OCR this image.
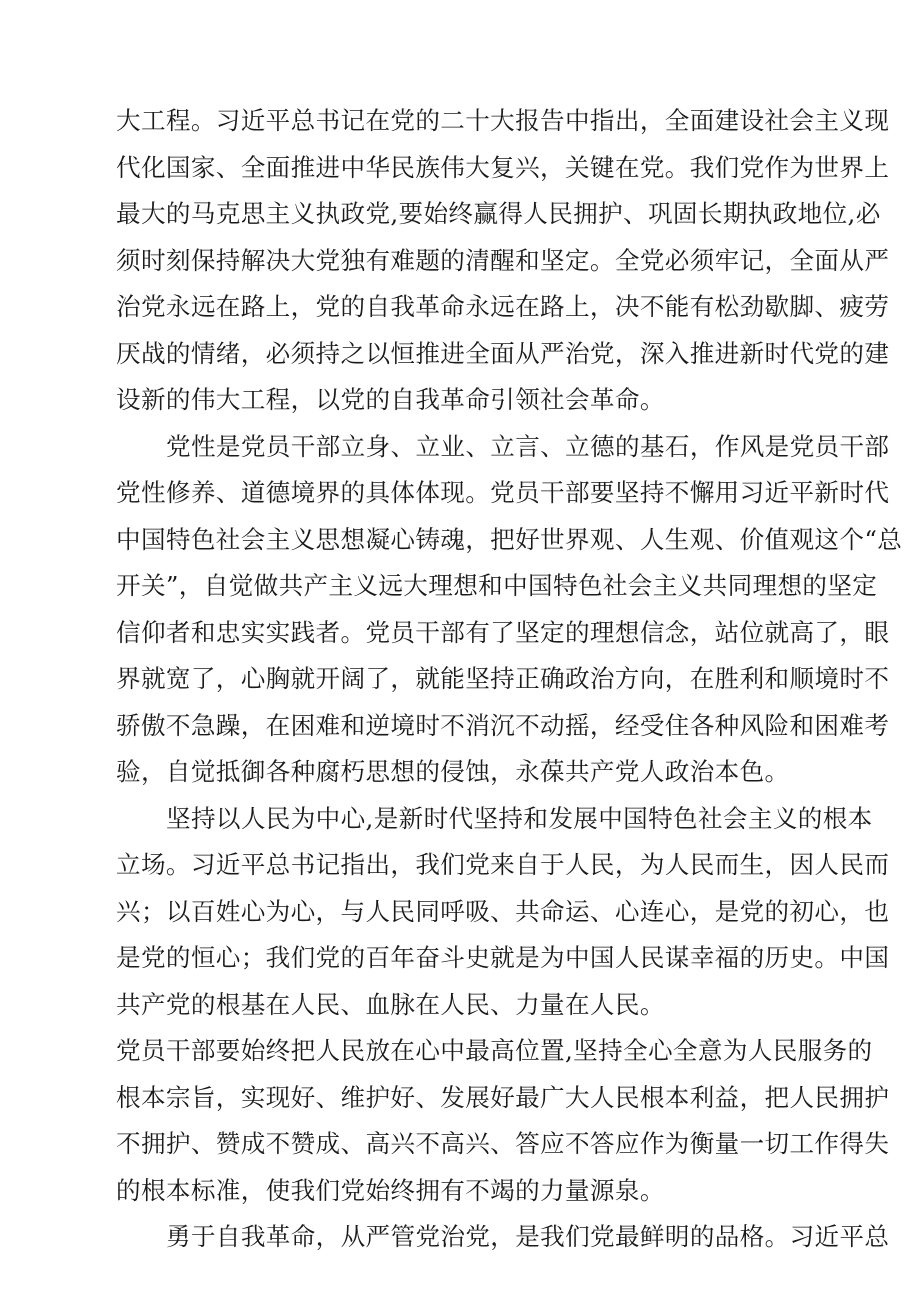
大工程。习近平总书记在党的二十大报告中指出，全面建设社会主义现
代化国家、全面推进中华民族伟大复兴，关键在党。我们党作为世界上
最大的马克思主义执政党,要始终赢得人民拥护、巩固长期执政地位,必
须时刻保持解决大党独有难题的清醒和坚定。全党必须牢记，全面从严
治党永远在路上，党的自我革命永远在路上，决不能有松劲歇脚、疲劳
厌战的情绪，必须持之以恒推进全面从严治党，深入推进新时代党的建
设新的伟大工程，以党的自我革命引领社会革命。
党性是党员干部立身、立业、立言、立德的基石，作风是党员干部
党性修养、道德境界的具体体现。党员干部要坚持不懈用习近平新时代
中国特色社会主义思想凝心铸魂，把好世界观、人生观、价值观这个“总
开关”，自觉做共产主义远大理想和中国特色社会主义共同理想的坚定
信仰者和忠实实践者。党员干部有了坚定的理想信念，站位就高了，眼
界就宽了，心胸就开阔了，就能坚持正确政治方向，在胜利和顺境时不
骄傲不急躁，在困难和逆境时不消沉不动摇，经受住各种风险和困难考
验，自觉抵御各种腐朽思想的侵蚀，永葆共产党人政治本色。
坚持以人民为中心,是新时代坚持和发展中国特色社会主义的根本
立场。习近平总书记指出，我们党来自于人民，为人民而生，因人民而
兴；以百姓心为心，与人民同呼吸、共命运、心连心，是党的初心，也
是党的恒心；我们党的百年奋斗史就是为中国人民谋幸福的历史。中国
共产党的根基在人民、血脉在人民、力量在人民。
党员干部要始终把人民放在心中最高位置,坚持全心全意为人民服务的
根本宗旨，实现好、维护好、发展好最广大人民根本利益，把人民拥护
不拥护、赞成不赞成、高兴不高兴、答应不答应作为衡量一切工作得失
的根本标准，使我们党始终拥有不竭的力量源泉。
勇于自我革命，从严管党治党，是我们党最鲜明的品格。习近平总
